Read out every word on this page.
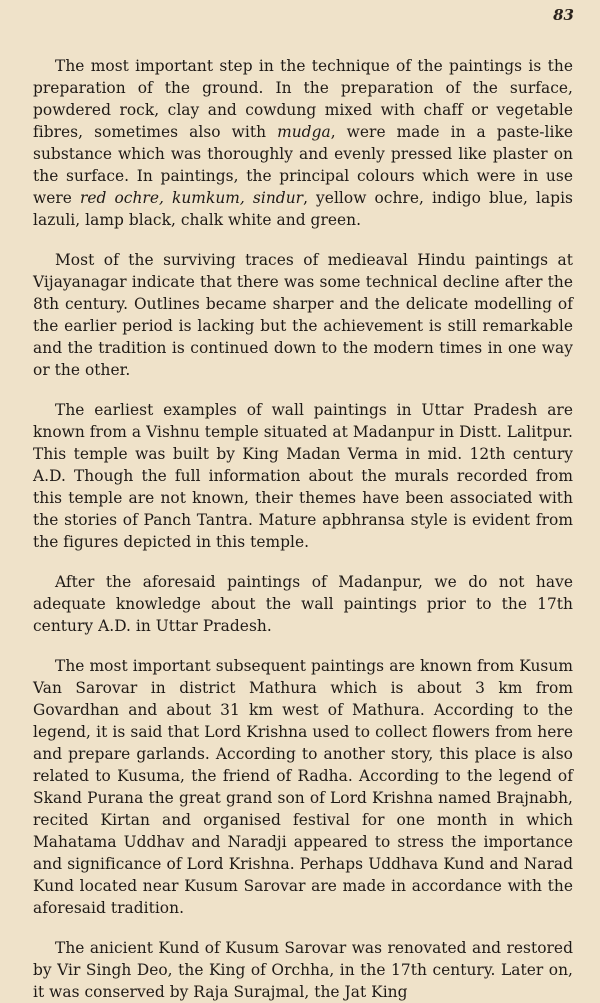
83

The most important step in the technique of the paintings is the preparation of the ground. In the preparation of the surface, powdered rock, clay and cowdung mixed with chaff or vegetable fibres, sometimes also with mudga, were made in a paste-like substance which was thoroughly and evenly pressed like plaster on the surface. In paintings, the principal colours which were in use were red ochre, kumkum, sindur, yellow ochre, indigo blue, lapis lazuli, lamp black, chalk white and green.

Most of the surviving traces of medieaval Hindu paintings at Vijayanagar indicate that there was some technical decline after the 8th century. Outlines became sharper and the delicate modelling of the earlier period is lacking but the achievement is still remarkable and the tradition is continued down to the modern times in one way or the other.

The earliest examples of wall paintings in Uttar Pradesh are known from a Vishnu temple situated at Madanpur in Distt. Lalitpur. This temple was built by King Madan Verma in mid. 12th century A.D. Though the full information about the murals recorded from this temple are not known, their themes have been associated with the stories of Panch Tantra. Mature apbhransa style is evident from the figures depicted in this temple.

After the aforesaid paintings of Madanpur, we do not have adequate knowledge about the wall paintings prior to the 17th century A.D. in Uttar Pradesh.

The most important subsequent paintings are known from Kusum Van Sarovar in district Mathura which is about 3 km from Govardhan and about 31 km west of Mathura. According to the legend, it is said that Lord Krishna used to collect flowers from here and prepare garlands. According to another story, this place is also related to Kusuma, the friend of Radha. According to the legend of Skand Purana the great grand son of Lord Krishna named Brajnabh, recited Kirtan and organised festival for one month in which Mahatama Uddhav and Naradji appeared to stress the importance and significance of Lord Krishna. Perhaps Uddhava Kund and Narad Kund located near Kusum Sarovar are made in accordance with the aforesaid tradition.

The anicient Kund of Kusum Sarovar was renovated and restored by Vir Singh Deo, the King of Orchha, in the 17th century. Later on, it was conserved by Raja Surajmal, the Jat King
